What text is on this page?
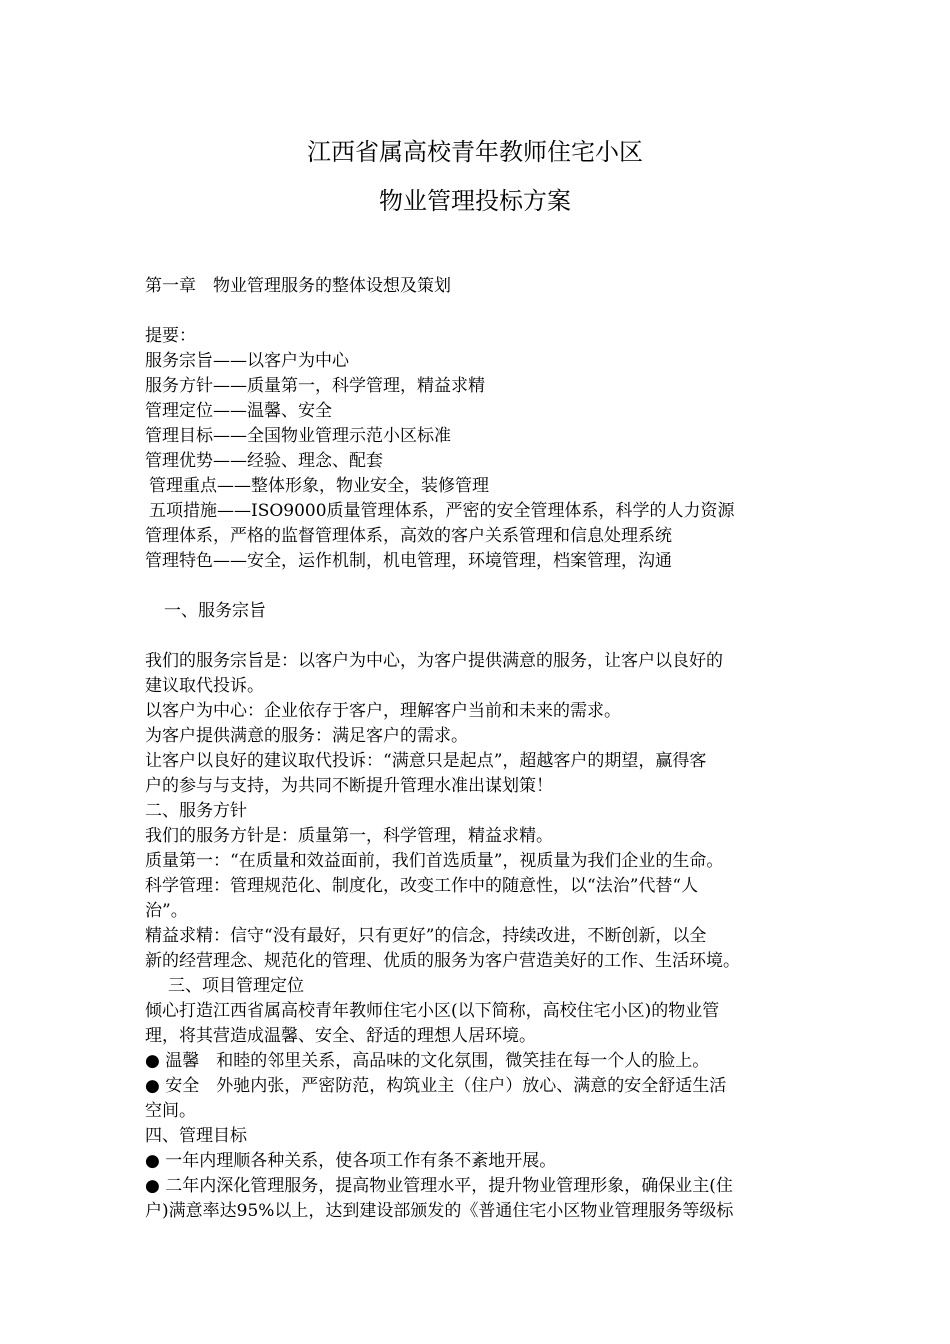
江西省属高校青年教师住宅小区
物业管理投标方案
第一章　物业管理服务的整体设想及策划
提要：
服务宗旨——以客户为中心
服务方针——质量第一，科学管理，精益求精
管理定位——温馨、安全
管理目标——全国物业管理示范小区标准
管理优势——经验、理念、配套
管理重点——整体形象，物业安全，装修管理
五项措施——ISO9000质量管理体系，严密的安全管理体系，科学的人力资源
管理体系，严格的监督管理体系，高效的客户关系管理和信息处理系统
管理特色——安全，运作机制，机电管理，环境管理，档案管理，沟通
一、服务宗旨
我们的服务宗旨是：以客户为中心，为客户提供满意的服务，让客户以良好的
建议取代投诉。
以客户为中心：企业依存于客户，理解客户当前和未来的需求。
为客户提供满意的服务：满足客户的需求。
让客户以良好的建议取代投诉：“满意只是起点”，超越客户的期望，赢得客
户的参与与支持，为共同不断提升管理水准出谋划策！
二、服务方针
我们的服务方针是：质量第一，科学管理，精益求精。
质量第一：“在质量和效益面前，我们首选质量”，视质量为我们企业的生命。
科学管理：管理规范化、制度化，改变工作中的随意性，以“法治”代替“人
治”。
精益求精：信守“没有最好，只有更好”的信念，持续改进，不断创新，以全
新的经营理念、规范化的管理、优质的服务为客户营造美好的工作、生活环境。
三、项目管理定位
倾心打造江西省属高校青年教师住宅小区(以下简称，高校住宅小区)的物业管
理，将其营造成温馨、安全、舒适的理想人居环境。
● 温馨　和睦的邻里关系，高品味的文化氛围，微笑挂在每一个人的脸上。
● 安全　外驰内张，严密防范，构筑业主（住户）放心、满意的安全舒适生活
空间。
四、管理目标
● 一年内理顺各种关系，使各项工作有条不紊地开展。
● 二年内深化管理服务，提高物业管理水平，提升物业管理形象，确保业主(住
户)满意率达95%以上，达到建设部颁发的《普通住宅小区物业管理服务等级标
